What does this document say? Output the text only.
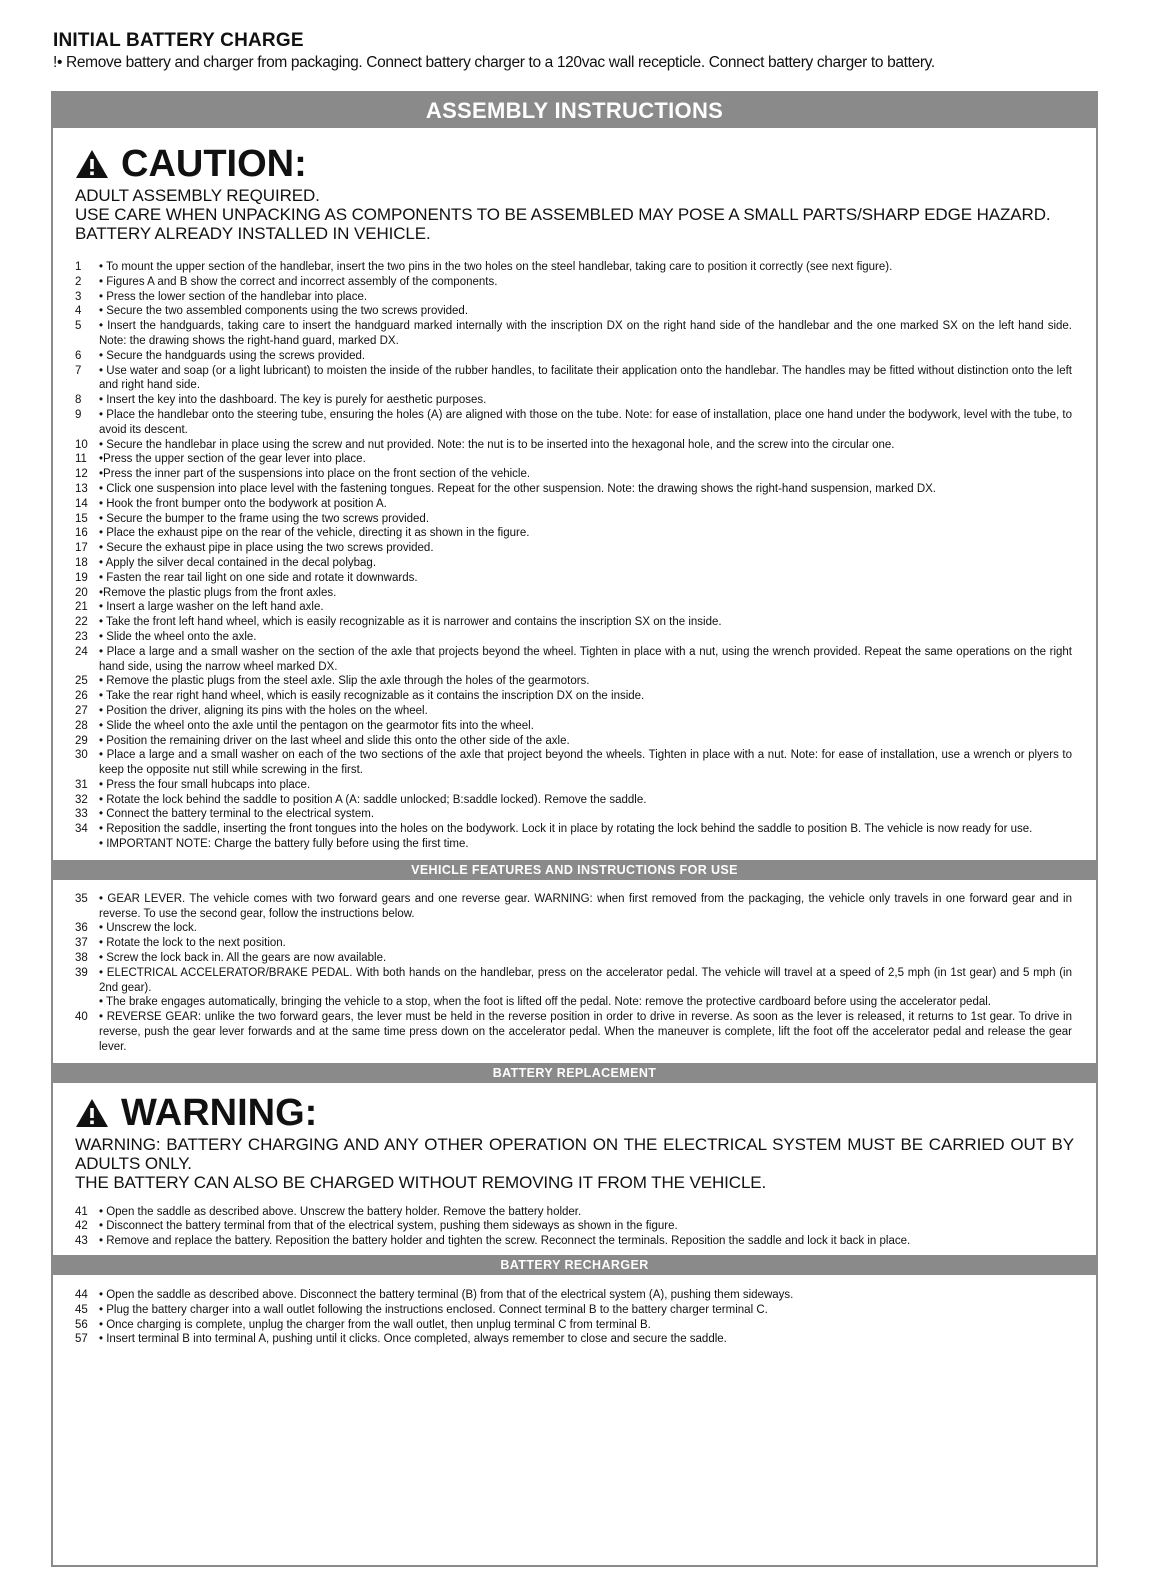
INITIAL BATTERY CHARGE
!• Remove battery and charger from packaging. Connect battery charger to a 120vac wall recepticle. Connect battery charger to battery.
ASSEMBLY INSTRUCTIONS
CAUTION:
ADULT ASSEMBLY REQUIRED.
USE CARE WHEN UNPACKING AS COMPONENTS TO BE ASSEMBLED MAY POSE A SMALL PARTS/SHARP EDGE HAZARD.
BATTERY ALREADY INSTALLED IN VEHICLE.
1	• To mount the upper section of the handlebar, insert the two pins in the two holes on the steel handlebar, taking care to position it correctly (see next figure).
2	• Figures A and B show the correct and incorrect assembly of the components.
3	• Press the lower section of the handlebar into place.
4	• Secure the two assembled components using the two screws provided.
5	• Insert the handguards, taking care to insert the handguard marked internally with the inscription DX on the right hand side of the handlebar and the one marked SX on the left hand side. Note: the drawing shows the right-hand guard, marked DX.
6	• Secure the handguards using the screws provided.
7	• Use water and soap (or a light lubricant) to moisten the inside of the rubber handles, to facilitate their application onto the handlebar. The handles may be fitted without distinction onto the left and right hand side.
8	• Insert the key into the dashboard. The key is purely for aesthetic purposes.
9	• Place the handlebar onto the steering tube, ensuring the holes (A) are aligned with those on the tube. Note: for ease of installation, place one hand under the bodywork, level with the tube, to avoid its descent.
10 • Secure the handlebar in place using the screw and nut provided. Note: the nut is to be inserted into the hexagonal hole, and the screw into the circular one.
11	•Press the upper section of the gear lever into place.
12 •Press the inner part of the suspensions into place on the front section of the vehicle.
13 • Click one suspension into place level with the fastening tongues. Repeat for the other suspension. Note: the drawing shows the right-hand suspension, marked DX.
14 • Hook the front bumper onto the bodywork at position A.
15 • Secure the bumper to the frame using the two screws provided.
16 • Place the exhaust pipe on the rear of the vehicle, directing it as shown in the figure.
17 • Secure the exhaust pipe in place using the two screws provided.
18 • Apply the silver decal contained in the decal polybag.
19 • Fasten the rear tail light on one side and rotate it downwards.
20 •Remove the plastic plugs from the front axles.
21 • Insert a large washer on the left hand axle.
22 • Take the front left hand wheel, which is easily recognizable as it is narrower and contains the inscription SX on the inside.
23 • Slide the wheel onto the axle.
24 • Place a large and a small washer on the section of the axle that projects beyond the wheel. Tighten in place with a nut, using the wrench provided. Repeat the same operations on the right hand side, using the narrow wheel marked DX.
25 • Remove the plastic plugs from the steel axle. Slip the axle through the holes of the gearmotors.
26 • Take the rear right hand wheel, which is easily recognizable as it contains the inscription DX on the inside.
27 • Position the driver, aligning its pins with the holes on the wheel.
28 • Slide the wheel onto the axle until the pentagon on the gearmotor fits into the wheel.
29 • Position the remaining driver on the last wheel and slide this onto the other side of the axle.
30 • Place a large and a small washer on each of the two sections of the axle that project beyond the wheels. Tighten in place with a nut. Note: for ease of installation, use a wrench or plyers to keep the opposite nut still while screwing in the first.
31 • Press the four small hubcaps into place.
32 • Rotate the lock behind the saddle to position A (A: saddle unlocked; B:saddle locked). Remove the saddle.
33 • Connect the battery terminal to the electrical system.
34 • Reposition the saddle, inserting the front tongues into the holes on the bodywork. Lock it in place by rotating the lock behind the saddle to position B. The vehicle is now ready for use.
• IMPORTANT NOTE: Charge the battery fully before using the first time.
VEHICLE FEATURES AND INSTRUCTIONS FOR USE
35 • GEAR LEVER. The vehicle comes with two forward gears and one reverse gear. WARNING: when first removed from the packaging, the vehicle only travels in one forward gear and in reverse. To use the second gear, follow the instructions below.
36 • Unscrew the lock.
37 • Rotate the lock to the next position.
38 • Screw the lock back in. All the gears are now available.
39 • ELECTRICAL ACCELERATOR/BRAKE PEDAL. With both hands on the handlebar, press on the accelerator pedal. The vehicle will travel at a speed of 2,5 mph (in 1st gear) and 5 mph (in 2nd gear).
• The brake engages automatically, bringing the vehicle to a stop, when the foot is lifted off the pedal. Note: remove the protective cardboard before using the accelerator pedal.
40 • REVERSE GEAR: unlike the two forward gears, the lever must be held in the reverse position in order to drive in reverse. As soon as the lever is released, it returns to 1st gear. To drive in reverse, push the gear lever forwards and at the same time press down on the accelerator pedal. When the maneuver is complete, lift the foot off the accelerator pedal and release the gear lever.
BATTERY REPLACEMENT
WARNING:
WARNING: BATTERY CHARGING AND ANY OTHER OPERATION ON THE ELECTRICAL SYSTEM MUST BE CARRIED OUT BY ADULTS ONLY.
THE BATTERY CAN ALSO BE CHARGED WITHOUT REMOVING IT FROM THE VEHICLE.
41 • Open the saddle as described above. Unscrew the battery holder. Remove the battery holder.
42 • Disconnect the battery terminal from that of the electrical system, pushing them sideways as shown in the figure.
43 • Remove and replace the battery. Reposition the battery holder and tighten the screw. Reconnect the terminals. Reposition the saddle and lock it back in place.
BATTERY RECHARGER
44 • Open the saddle as described above. Disconnect the battery terminal (B) from that of the electrical system (A), pushing them sideways.
45 • Plug the battery charger into a wall outlet following the instructions enclosed. Connect terminal B to the battery charger terminal C.
56 • Once charging is complete, unplug the charger from the wall outlet, then unplug terminal C from terminal B.
57 • Insert terminal B into terminal A, pushing until it clicks. Once completed, always remember to close and secure the saddle.
